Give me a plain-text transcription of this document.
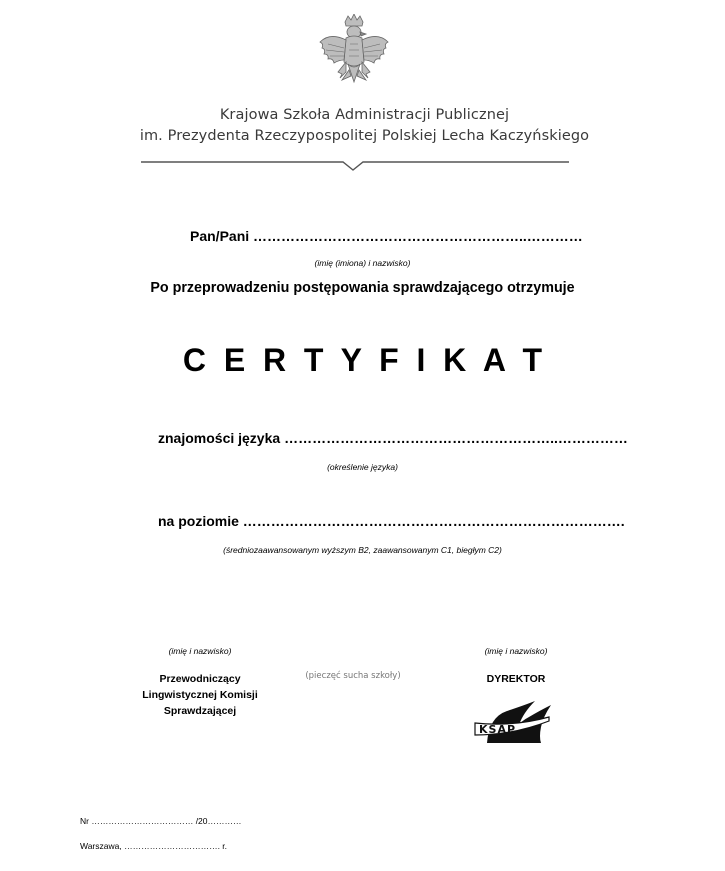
Krajowa Szkoła Administracji Publicznej
im. Prezydenta Rzeczypospolitej Polskiej Lecha Kaczyńskiego
Pan/Pani …………………………………………………..…………
(imię (imiona) i nazwisko)
Po przeprowadzeniu postępowania sprawdzającego otrzymuje
C  E  R  T  Y  F  I  K  A  T
znajomości języka …………………………………………………..……………
(określenie języka)
na poziomie ……………………………………………………………………….
(średniozaawansowanym wyższym B2, zaawansowanym C1, biegłym C2)
(imię i nazwisko)	(imię i nazwisko)
Przewodniczący
Lingwistycznej Komisji
Sprawdzającej
(pieczęć sucha szkoły)	DYREKTOR
KSAP
Nr ……………………………… /20…………
Warszawa, ……………………………. r.
